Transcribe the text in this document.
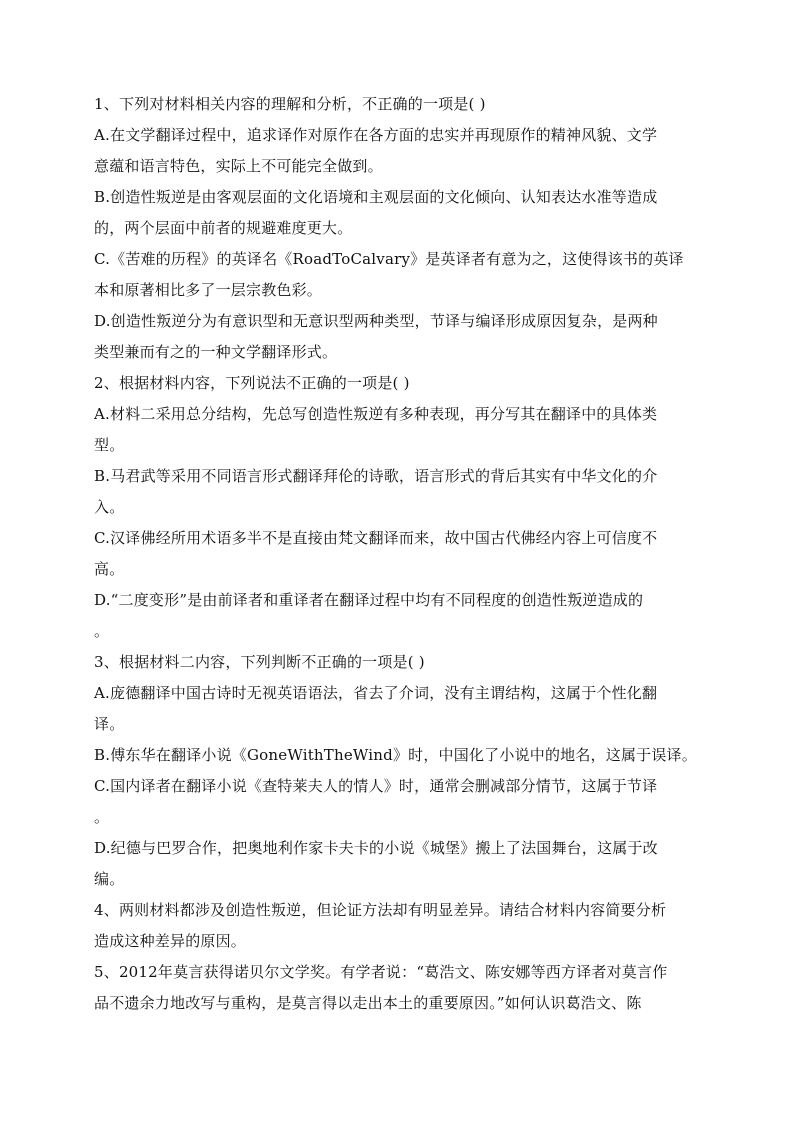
1、下列对材料相关内容的理解和分析，不正确的一项是( )
A.在文学翻译过程中，追求译作对原作在各方面的忠实并再现原作的精神风貌、文学
意蕴和语言特色，实际上不可能完全做到。
B.创造性叛逆是由客观层面的文化语境和主观层面的文化倾向、认知表达水准等造成
的，两个层面中前者的规避难度更大。
C.《苦难的历程》的英译名《RoadToCalvary》是英译者有意为之，这使得该书的英译
本和原著相比多了一层宗教色彩。
D.创造性叛逆分为有意识型和无意识型两种类型，节译与编译形成原因复杂，是两种
类型兼而有之的一种文学翻译形式。
2、根据材料内容，下列说法不正确的一项是( )
A.材料二采用总分结构，先总写创造性叛逆有多种表现，再分写其在翻译中的具体类
型。
B.马君武等采用不同语言形式翻译拜伦的诗歌，语言形式的背后其实有中华文化的介
入。
C.汉译佛经所用术语多半不是直接由梵文翻译而来，故中国古代佛经内容上可信度不
高。
D.“二度变形”是由前译者和重译者在翻译过程中均有不同程度的创造性叛逆造成的
。
3、根据材料二内容，下列判断不正确的一项是( )
A.庞德翻译中国古诗时无视英语语法，省去了介词，没有主谓结构，这属于个性化翻
译。
B.傅东华在翻译小说《GoneWithTheWind》时，中国化了小说中的地名，这属于误译。
C.国内译者在翻译小说《查特莱夫人的情人》时，通常会删减部分情节，这属于节译
。
D.纪德与巴罗合作，把奥地利作家卡夫卡的小说《城堡》搬上了法国舞台，这属于改
编。
4、两则材料都涉及创造性叛逆，但论证方法却有明显差异。请结合材料内容简要分析
造成这种差异的原因。
5、2012年莫言获得诺贝尔文学奖。有学者说：“葛浩文、陈安娜等西方译者对莫言作
品不遗余力地改写与重构，是莫言得以走出本土的重要原因。”如何认识葛浩文、陈
